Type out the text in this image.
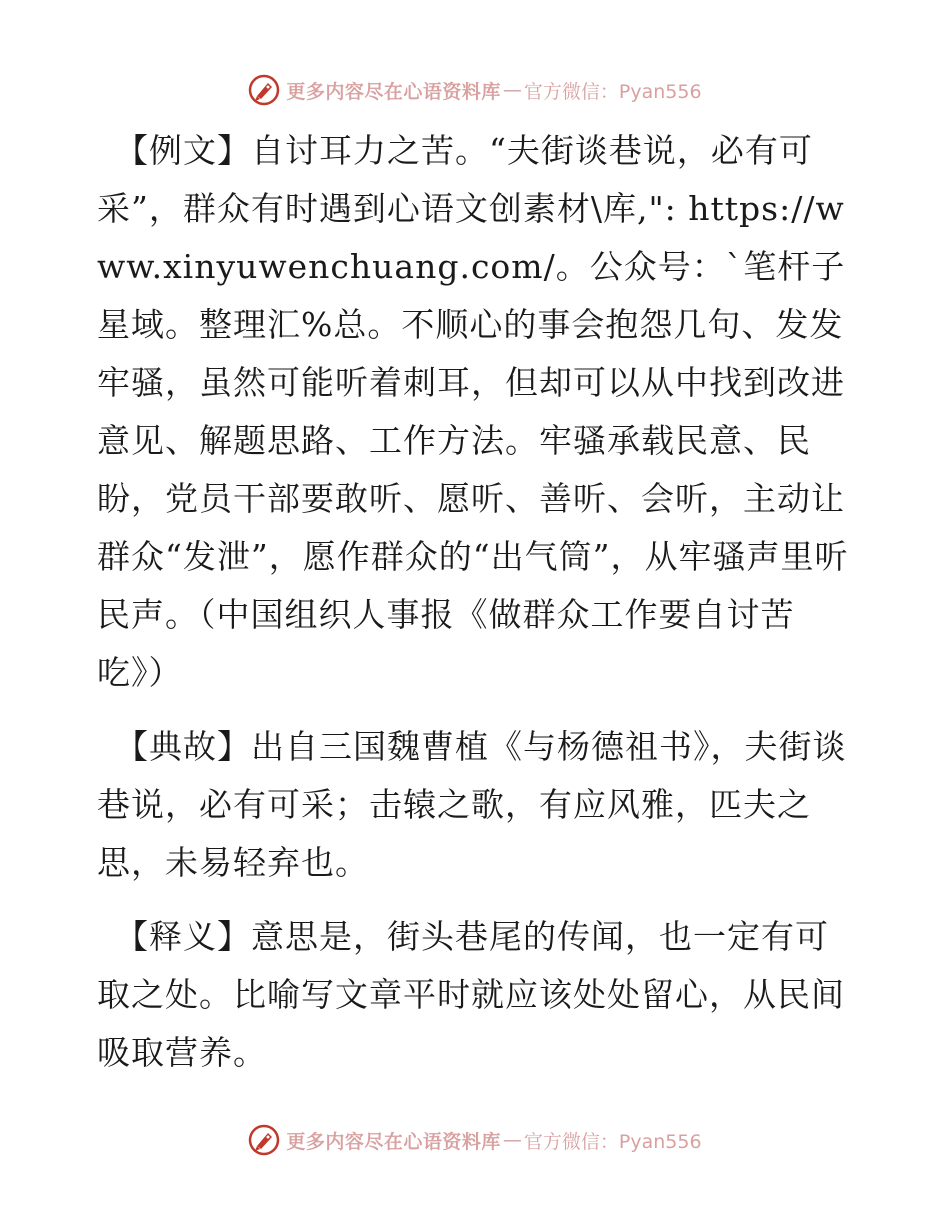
更多内容尽在心语资料库 — 官方微信：Pyan556

【例文】自讨耳力之苦。“夫街谈巷说，必有可采”，群众有时遇到心语文创素材\库,": https://www.xinyuwenchuang.com/。公众号：`笔杆子星域。整理汇%总。不顺心的事会抱怨几句、发发牢骚，虽然可能听着刺耳，但却可以从中找到改进意见、解题思路、工作方法。牢骚承载民意、民盼，党员干部要敢听、愿听、善听、会听，主动让群众“发泄”，愿作群众的“出气筒”，从牢骚声里听民声。（中国组织人事报《做群众工作要自讨苦吃》）

【典故】出自三国魏曹植《与杨德祖书》，夫街谈巷说，必有可采；击辕之歌，有应风雅，匹夫之思，未易轻弃也。

【释义】意思是，街头巷尾的传闻，也一定有可取之处。比喻写文章平时就应该处处留心，从民间吸取营养。

更多内容尽在心语资料库 — 官方微信：Pyan556
